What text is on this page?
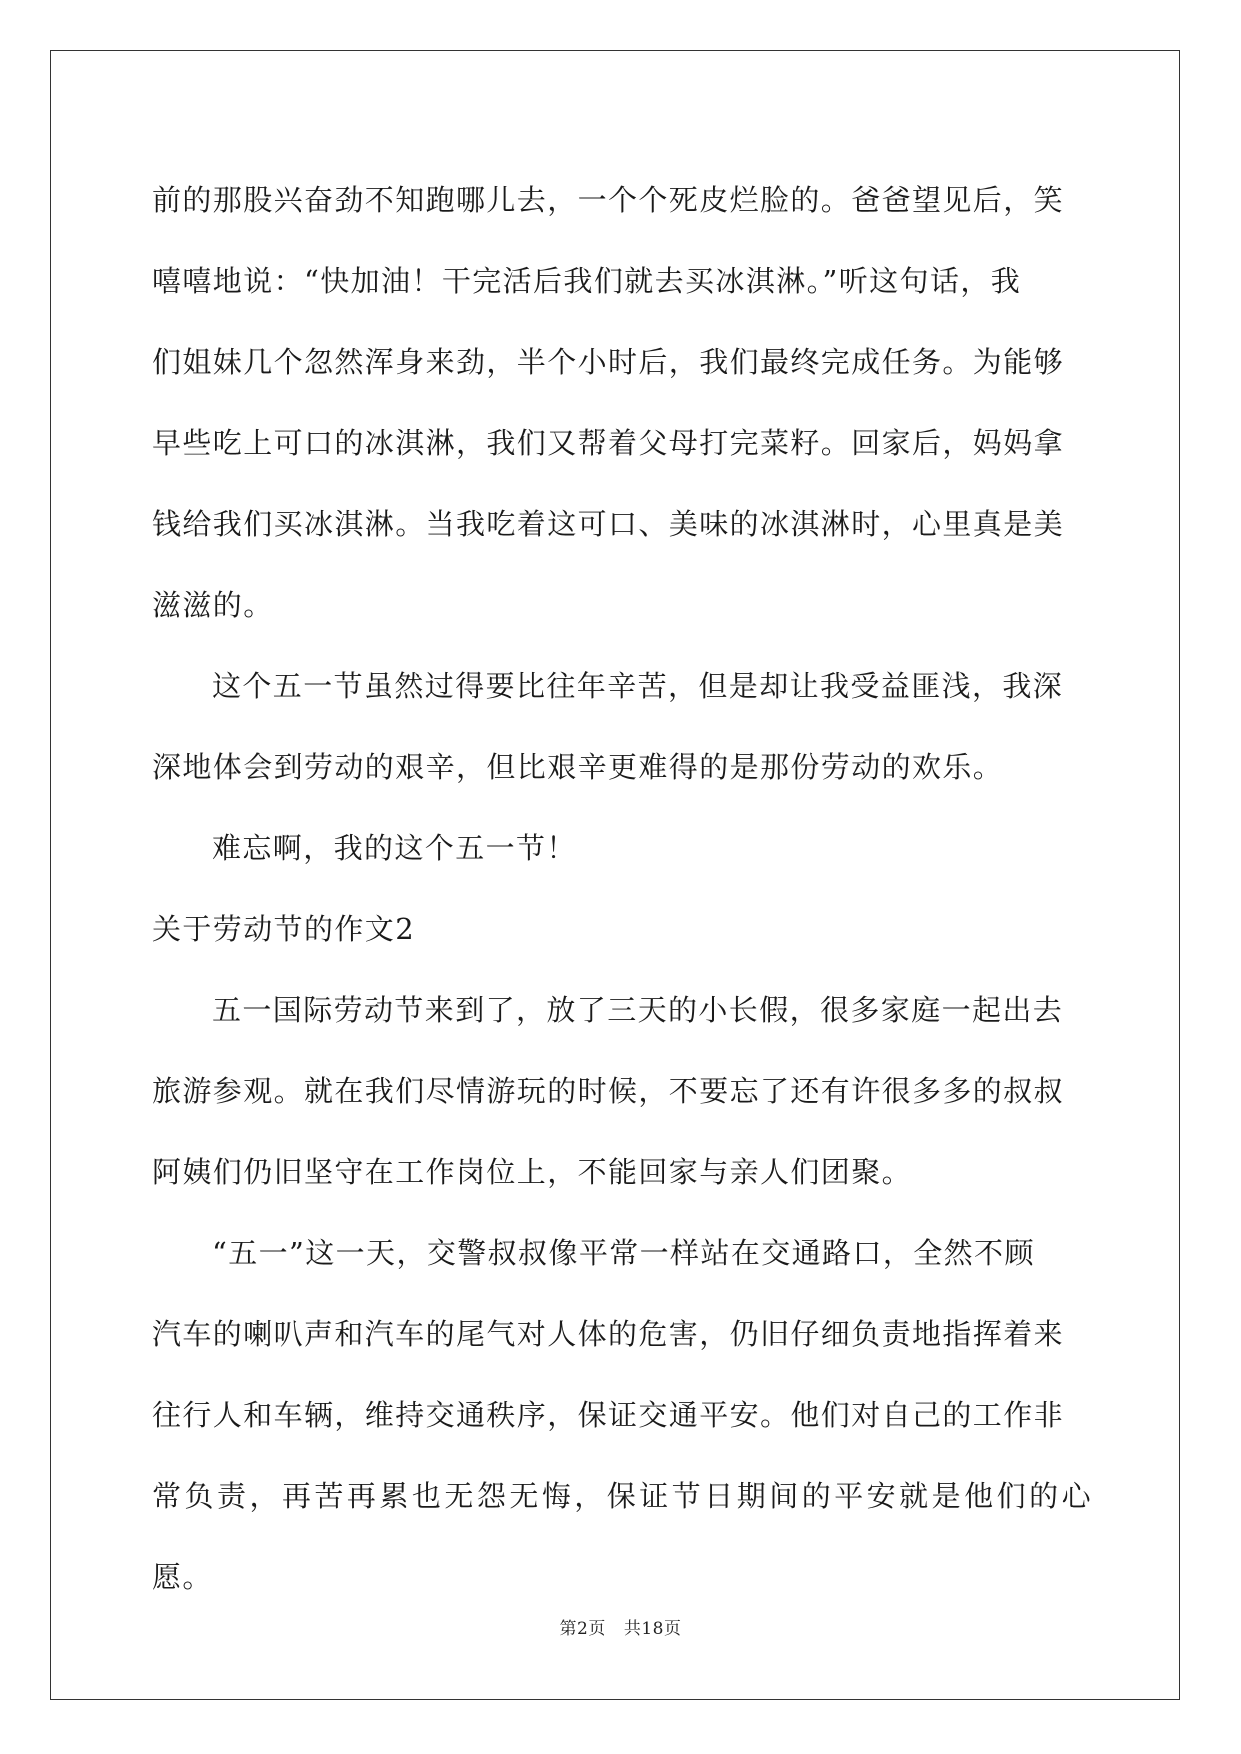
前的那股兴奋劲不知跑哪儿去，一个个死皮烂脸的。爸爸望见后，笑
嘻嘻地说：“快加油！干完活后我们就去买冰淇淋。”听这句话，我
们姐妹几个忽然浑身来劲，半个小时后，我们最终完成任务。为能够
早些吃上可口的冰淇淋，我们又帮着父母打完菜籽。回家后，妈妈拿
钱给我们买冰淇淋。当我吃着这可口、美味的冰淇淋时，心里真是美
滋滋的。

这个五一节虽然过得要比往年辛苦，但是却让我受益匪浅，我深
深地体会到劳动的艰辛，但比艰辛更难得的是那份劳动的欢乐。

难忘啊，我的这个五一节！

关于劳动节的作文2

五一国际劳动节来到了，放了三天的小长假，很多家庭一起出去
旅游参观。就在我们尽情游玩的时候，不要忘了还有许很多多的叔叔
阿姨们仍旧坚守在工作岗位上，不能回家与亲人们团聚。

“五一”这一天，交警叔叔像平常一样站在交通路口，全然不顾
汽车的喇叭声和汽车的尾气对人体的危害，仍旧仔细负责地指挥着来
往行人和车辆，维持交通秩序，保证交通平安。他们对自己的工作非
常负责，再苦再累也无怨无悔，保证节日期间的平安就是他们的心愿。

第2页 共18页
